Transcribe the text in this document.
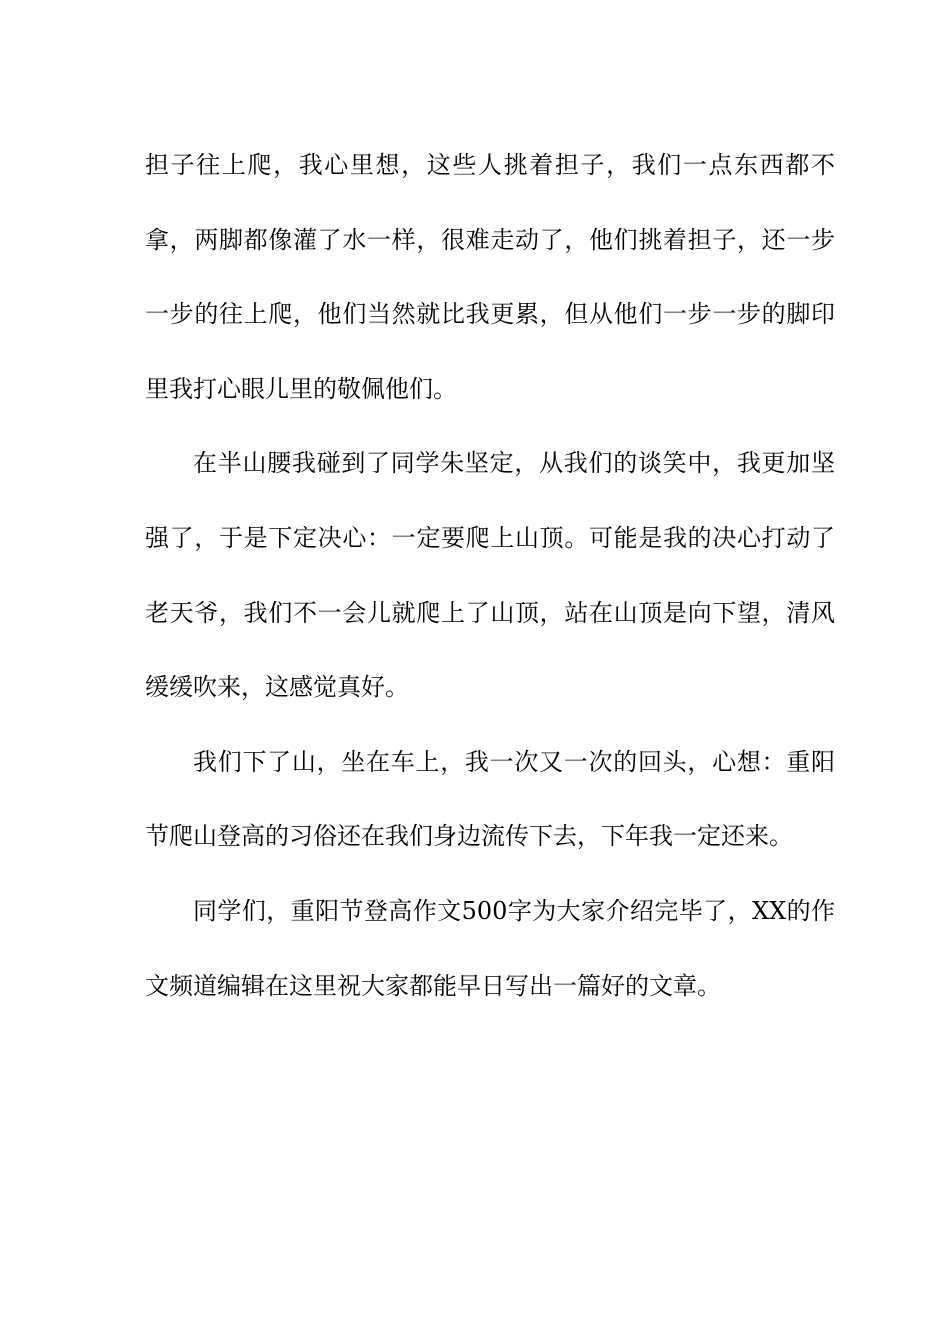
担子往上爬，我心里想，这些人挑着担子，我们一点东西都不拿，两脚都像灌了水一样，很难走动了，他们挑着担子，还一步一步的往上爬，他们当然就比我更累，但从他们一步一步的脚印里我打心眼儿里的敬佩他们。

在半山腰我碰到了同学朱坚定，从我们的谈笑中，我更加坚强了，于是下定决心：一定要爬上山顶。可能是我的决心打动了老天爷，我们不一会儿就爬上了山顶，站在山顶是向下望，清风缓缓吹来，这感觉真好。

我们下了山，坐在车上，我一次又一次的回头，心想：重阳节爬山登高的习俗还在我们身边流传下去，下年我一定还来。

同学们，重阳节登高作文500字为大家介绍完毕了，XX的作文频道编辑在这里祝大家都能早日写出一篇好的文章。
